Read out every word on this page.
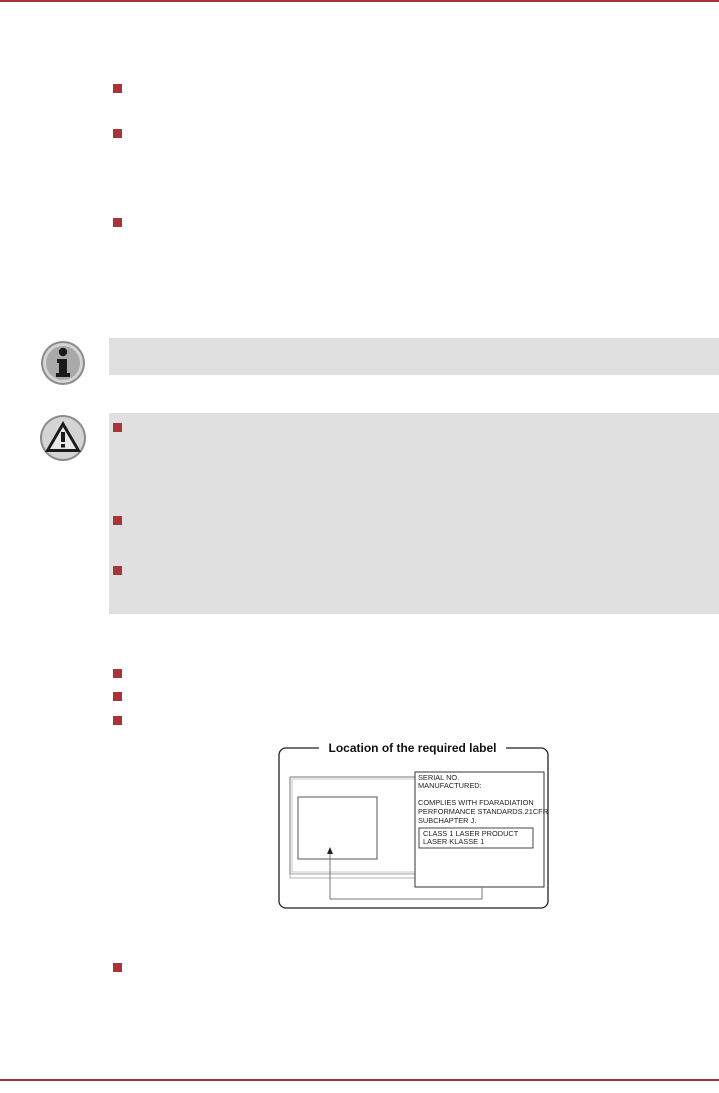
Location of the required label
SERIAL NO.
MANUFACTURED:
COMPLIES WITH FDARADIATION
PERFORMANCE STANDARDS.21CFR
SUBCHAPTER J.
CLASS 1 LASER PRODUCT
LASER KLASSE 1
